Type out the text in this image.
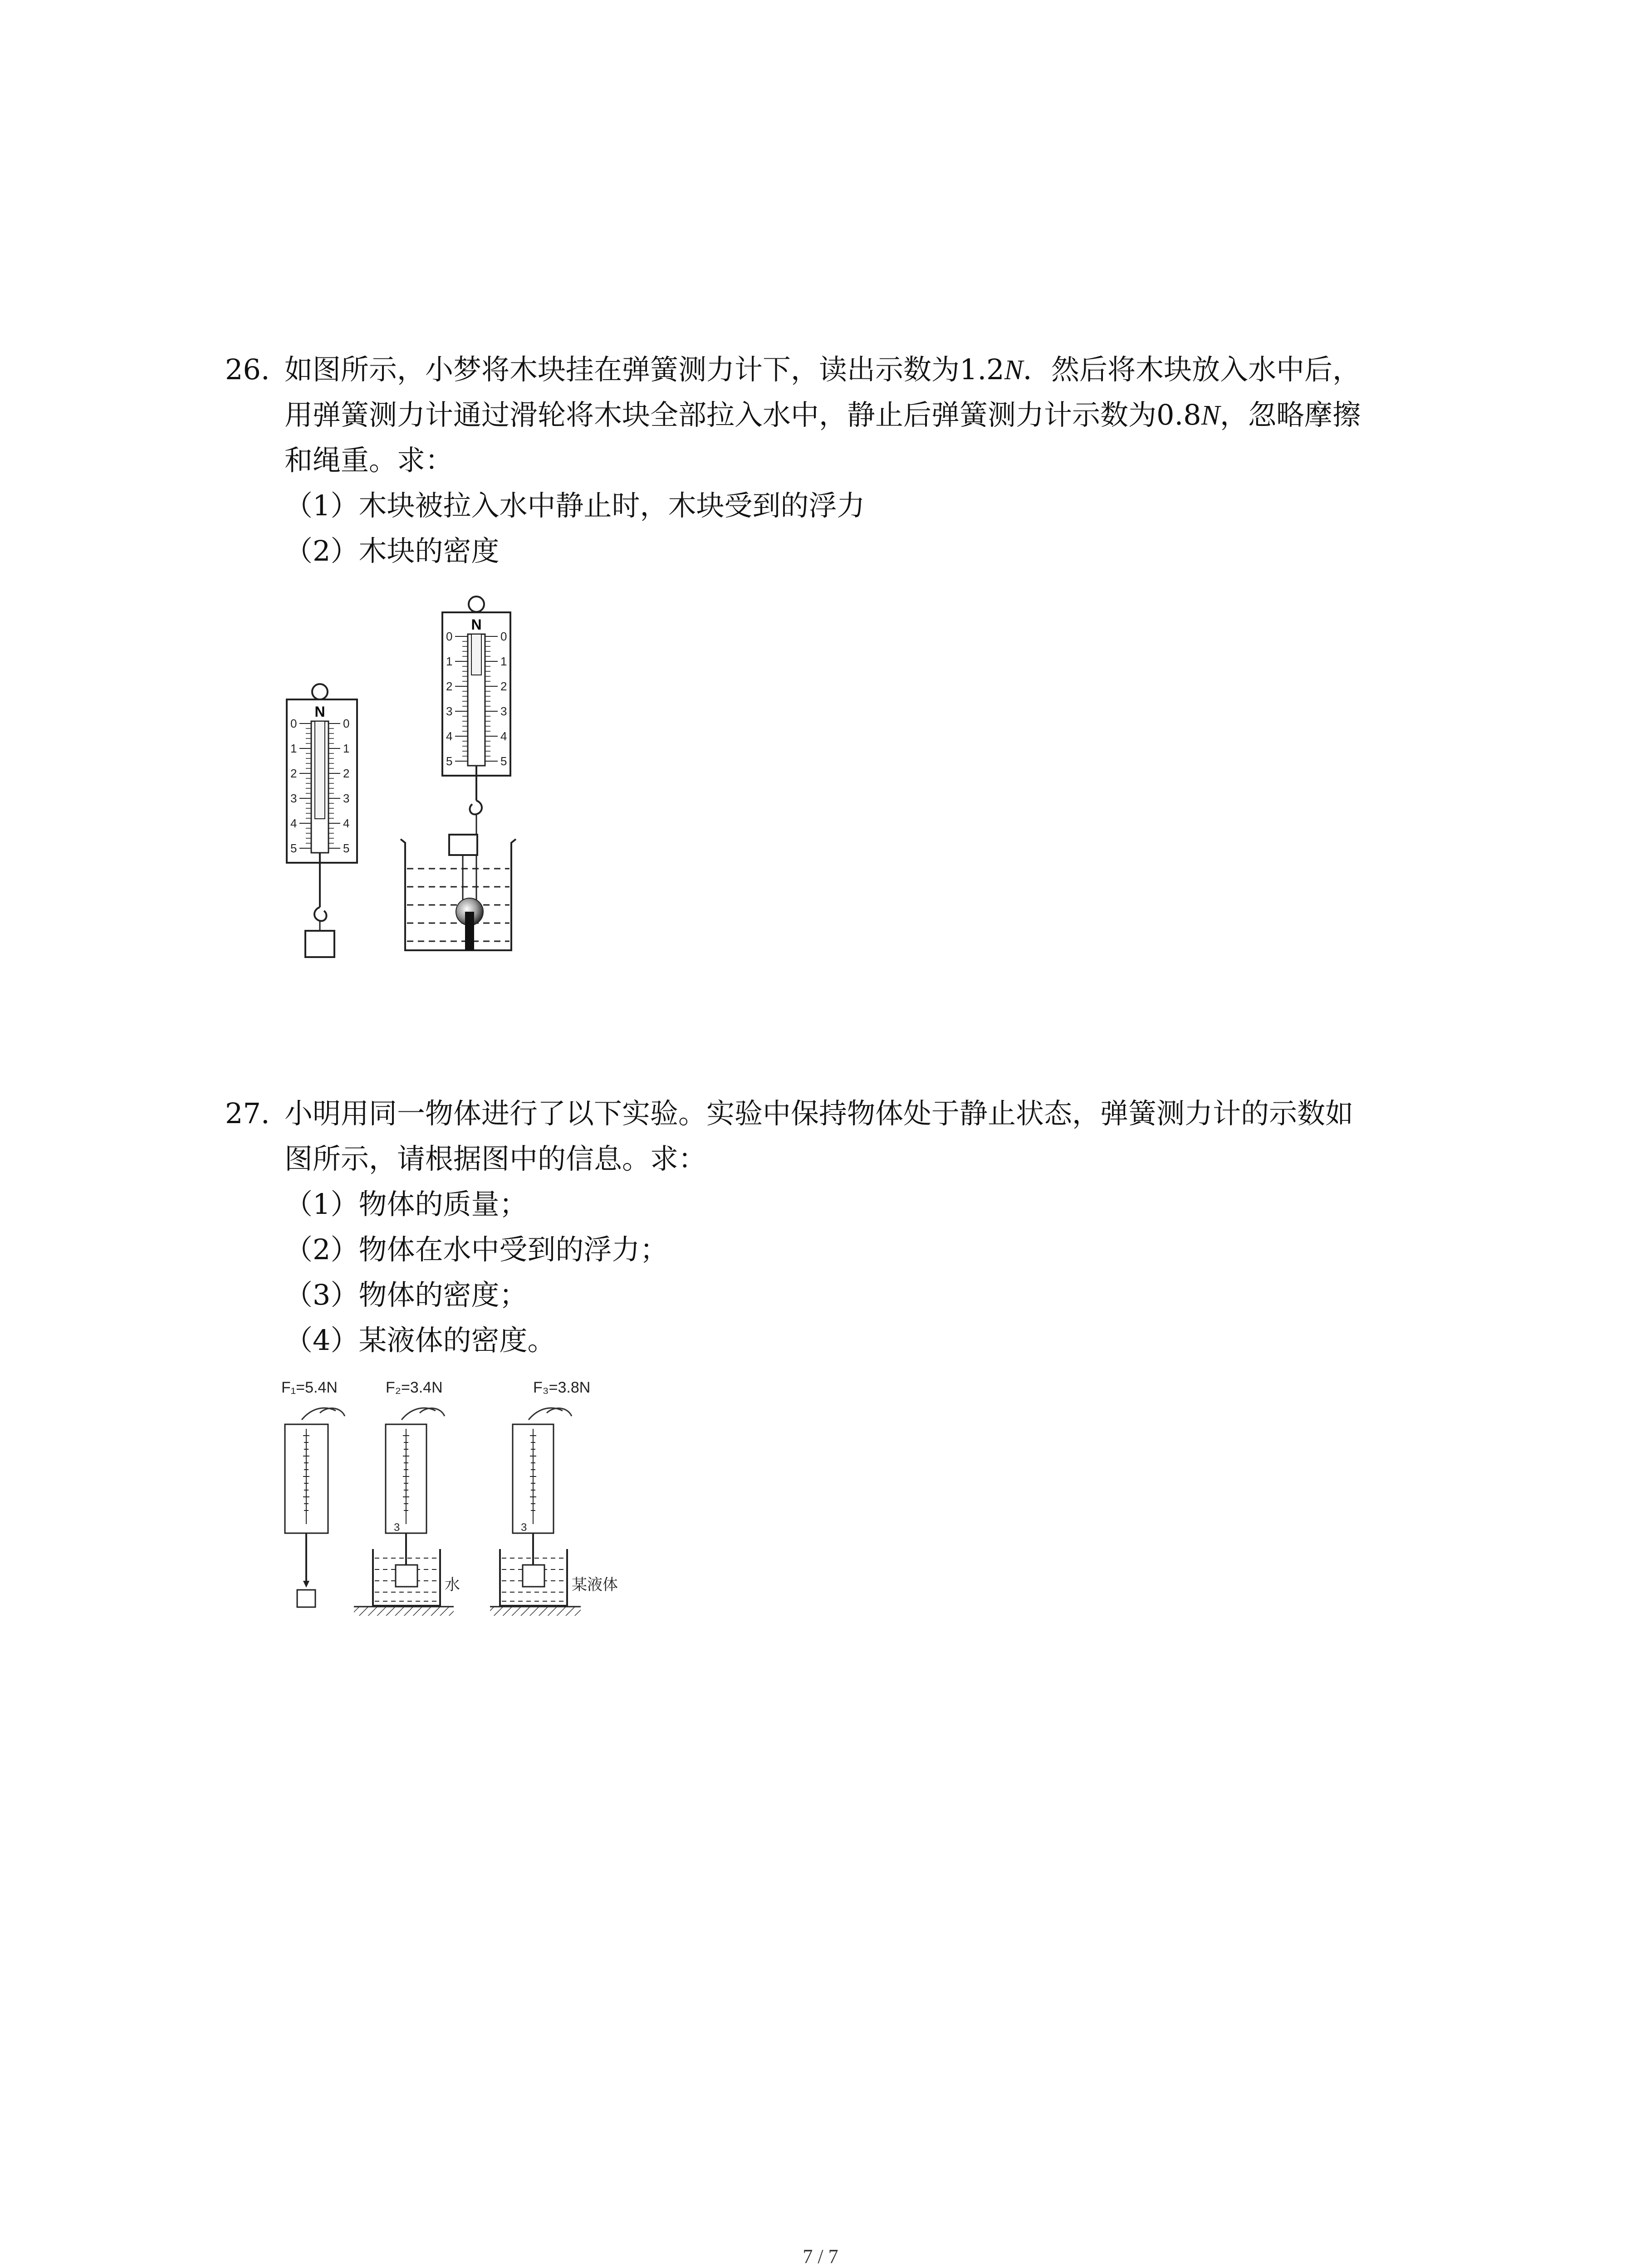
26. 如图所示，小梦将木块挂在弹簧测力计下，读出示数为1.2N．然后将木块放入水中后，
用弹簧测力计通过滑轮将木块全部拉入水中，静止后弹簧测力计示数为0.8N，忽略摩擦
和绳重。求：
（1）木块被拉入水中静止时，木块受到的浮力
（2）木块的密度
N
0
1
2
3
4
5
0
1
2
3
4
5
N
0
1
2
3
4
5
0
1
2
3
4
5
27. 小明用同一物体进行了以下实验。实验中保持物体处于静止状态，弹簧测力计的示数如
图所示，请根据图中的信息。求：
（1）物体的质量；
（2）物体在水中受到的浮力；
（3）物体的密度；
（4）某液体的密度。
F₁=5.4N	F₂=3.4N	F₃=3.8N
3
水
3
某液体
7 / 7
